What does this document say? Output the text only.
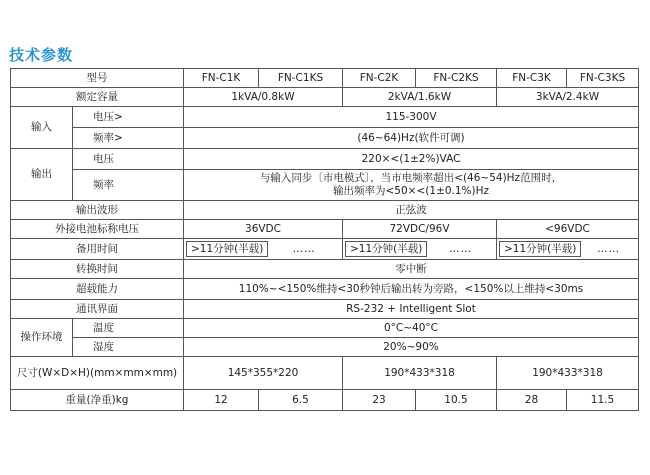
技术参数
型号		FN-C1K	FN-C1KS	FN-C2K	FN-C2KS	FN-C3K	FN-C3KS
额定容量		1kVA/0.8kW		2kVA/1.6kW		3kVA/2.4kW	
输入	电压>	115-300V					
	频率>	(46~64)Hz(软件可调)					
输出	电压	220×<(1±2%)VAC					
	频率	与输入同步〔市电模式〕，当市电频率超出<(46~54)Hz范围时，
输出频率为<50×<(1±0.1%)Hz					

输出波形		正弦波					
外接电池标称电压		36VDC		72VDC/96V		<96VDC	
备用时间		>11分钟(半载) ……		>11分钟(半载) ……		>11分钟(半载) ……	

转换时间		零中断					
超载能力		110%~<150%维持<30秒钟后输出转为旁路，<150%以上维持<30ms					
通讯界面		RS-232 + Intelligent Slot					
操作环境	温度	0°C~40°C					
	湿度	20%~90%					
尺寸(W×D×H)(mm×mm×mm)		145*355*220		190*433*318		190*433*318	
重量(净重)kg		12	6.5	23	10.5	28	11.5
